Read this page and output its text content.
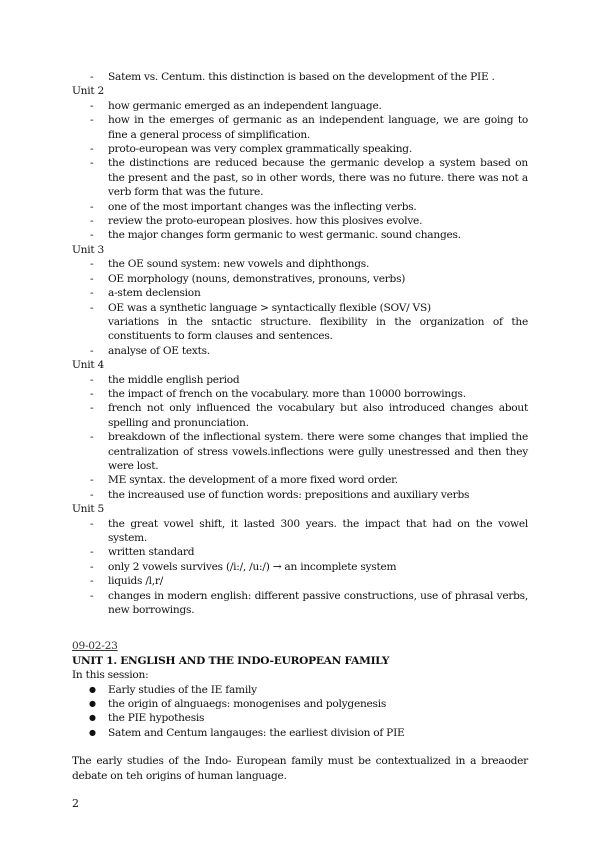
- Satem vs. Centum. this distinction is based on the development of the PIE .
Unit 2
- how germanic emerged as an independent language.
- how in the emerges of germanic as an independent language, we are going to fine a general process of simplification.
- proto-european was very complex grammatically speaking.
- the distinctions are reduced because the germanic develop a system based on the present and the past, so in other words, there was no future. there was not a verb form that was the future.
- one of the most important changes was the inflecting verbs.
- review the proto-european plosives. how this plosives evolve.
- the major changes form germanic to west germanic. sound changes.
Unit 3
- the OE sound system: new vowels and diphthongs.
- OE morphology (nouns, demonstratives, pronouns, verbs)
- a-stem declension
- OE was a synthetic language > syntactically flexible (SOV/ VS)
variations in the sntactic structure. flexibility in the organization of the constituents to form clauses and sentences.
- analyse of OE texts.
Unit 4
- the middle english period
- the impact of french on the vocabulary. more than 10000 borrowings.
- french not only influenced the vocabulary but also introduced changes about spelling and pronunciation.
- breakdown of the inflectional system. there were some changes that implied the centralization of stress vowels.inflections were gully unestressed and then they were lost.
- ME syntax. the development of a more fixed word order.
- the increaused use of function words: prepositions and auxiliary verbs
Unit 5
- the great vowel shift, it lasted 300 years. the impact that had on the vowel system.
- written standard
- only 2 vowels survives (/i:/, /u:/) → an incomplete system
- liquids /l,r/
- changes in modern english: different passive constructions, use of phrasal verbs, new borrowings.
09-02-23
UNIT 1. ENGLISH AND THE INDO-EUROPEAN FAMILY
In this session:
● Early studies of the IE family
● the origin of alnguaegs: monogenises and polygenesis
● the PIE hypothesis
● Satem and Centum langauges: the earliest division of PIE
The early studies of the Indo- European family must be contextualized in a breaoder debate on teh origins of human language.
2
